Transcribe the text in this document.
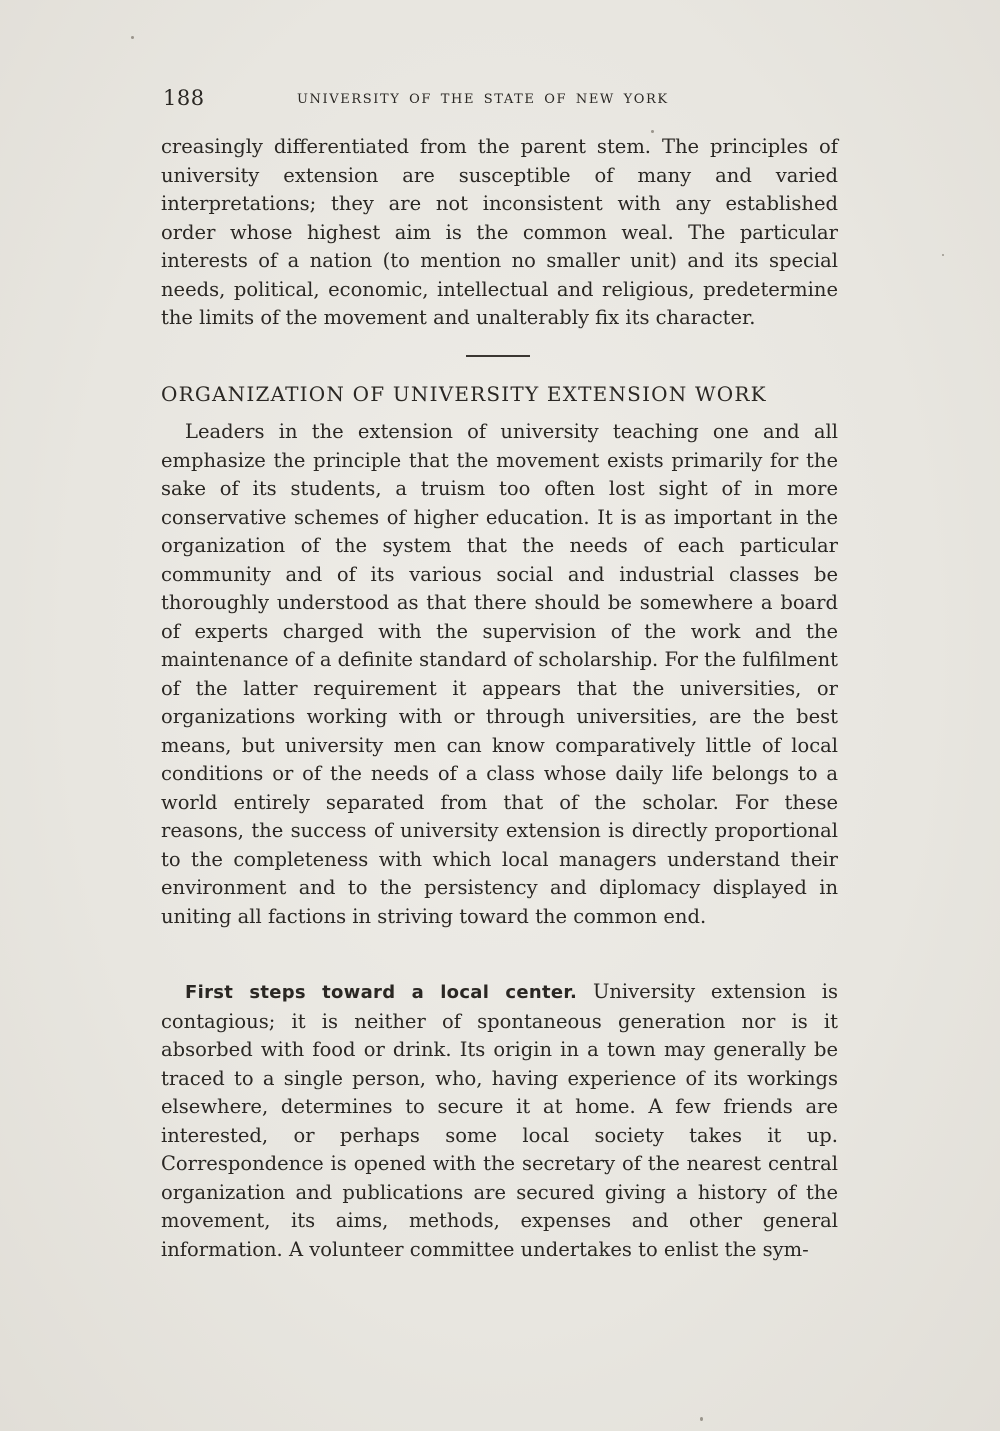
188	UNIVERSITY OF THE STATE OF NEW YORK

creasingly differentiated from the parent stem. The principles of university extension are susceptible of many and varied interpretations; they are not inconsistent with any established order whose highest aim is the common weal. The particular interests of a nation (to mention no smaller unit) and its special needs, political, economic, intellectual and religious, predetermine the limits of the movement and unalterably fix its character.

ORGANIZATION OF UNIVERSITY EXTENSION WORK

Leaders in the extension of university teaching one and all emphasize the principle that the movement exists primarily for the sake of its students, a truism too often lost sight of in more conservative schemes of higher education. It is as important in the organization of the system that the needs of each particular community and of its various social and industrial classes be thoroughly understood as that there should be somewhere a board of experts charged with the supervision of the work and the maintenance of a definite standard of scholarship. For the fulfilment of the latter requirement it appears that the universities, or organizations working with or through universities, are the best means, but university men can know comparatively little of local conditions or of the needs of a class whose daily life belongs to a world entirely separated from that of the scholar. For these reasons, the success of university extension is directly proportional to the completeness with which local managers understand their environment and to the persistency and diplomacy displayed in uniting all factions in striving toward the common end.

First steps toward a local center. University extension is contagious; it is neither of spontaneous generation nor is it absorbed with food or drink. Its origin in a town may generally be traced to a single person, who, having experience of its workings elsewhere, determines to secure it at home. A few friends are interested, or perhaps some local society takes it up. Correspondence is opened with the secretary of the nearest central organization and publications are secured giving a history of the movement, its aims, methods, expenses and other general information. A volunteer committee undertakes to enlist the sym-
